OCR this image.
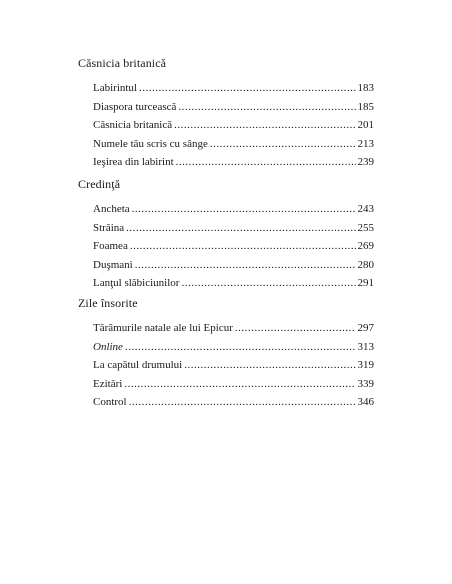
Căsnicia britanică

Labirintul .....	183
Diaspora turcească .....	185
Căsnicia britanică .....	201
Numele tău scris cu sânge .....	213
Ieşirea din labirint .....	239

Credinţă

Ancheta .....	243
Străina .....	255
Foamea .....	269
Duşmani .....	280
Lanţul slăbiciunilor .....	291

Zile însorite

Tărâmurile natale ale lui Epicur .....	297
Online .....	313
La capătul drumului .....	319
Ezitări .....	339
Control .....	346
